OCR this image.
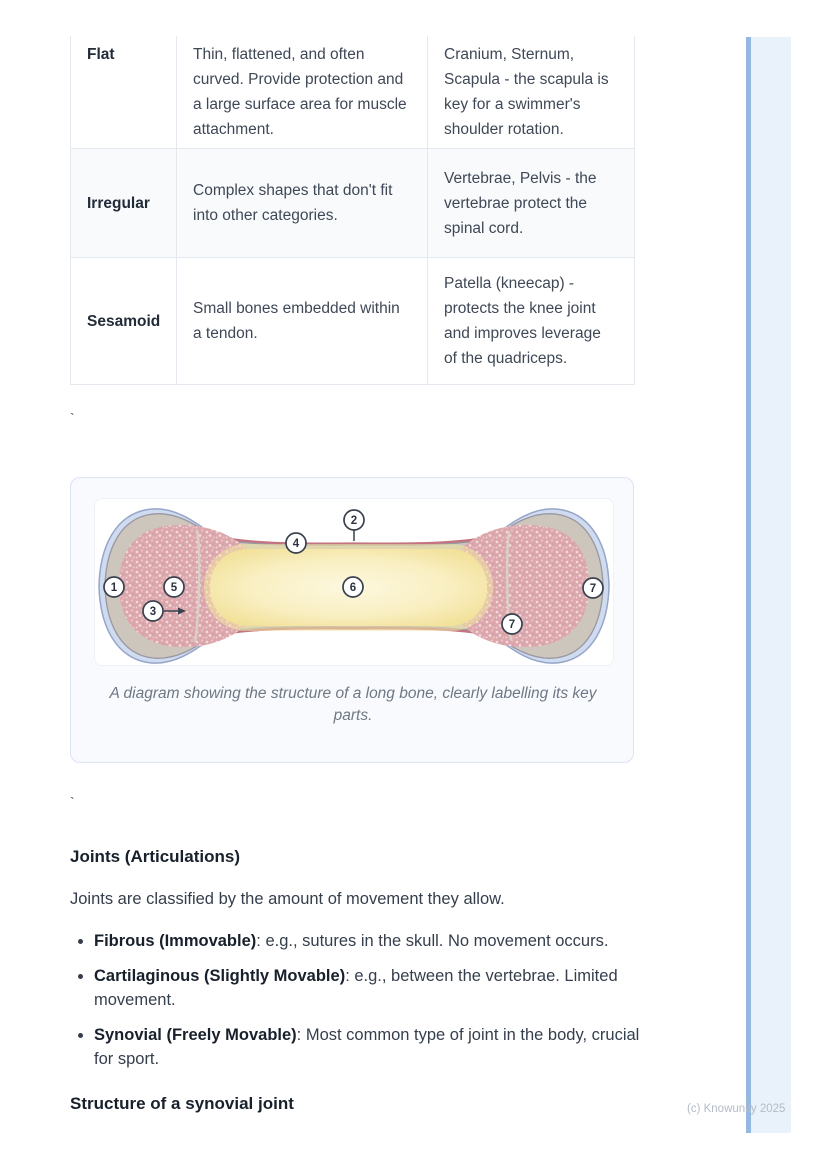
Flat	Thin, flattened, and often curved. Provide protection and a large surface area for muscle attachment.	Cranium, Sternum, Scapula - the scapula is key for a swimmer's shoulder rotation.
Irregular	Complex shapes that don't fit into other categories.	Vertebrae, Pelvis - the vertebrae protect the spinal cord.
Sesamoid	Small bones embedded within a tendon.	Patella (kneecap) - protects the knee joint and improves leverage of the quadriceps.
`
`
1
2
3
4
5	6	7
7
A diagram showing the structure of a long bone, clearly labelling its key parts.
Joints (Articulations)
Joints are classified by the amount of movement they allow.
• Fibrous (Immovable): e.g., sutures in the skull. No movement occurs.
• Cartilaginous (Slightly Movable): e.g., between the vertebrae. Limited movement.
• Synovial (Freely Movable): Most common type of joint in the body, crucial for sport.
Structure of a synovial joint	(c) Knowunity 2025
